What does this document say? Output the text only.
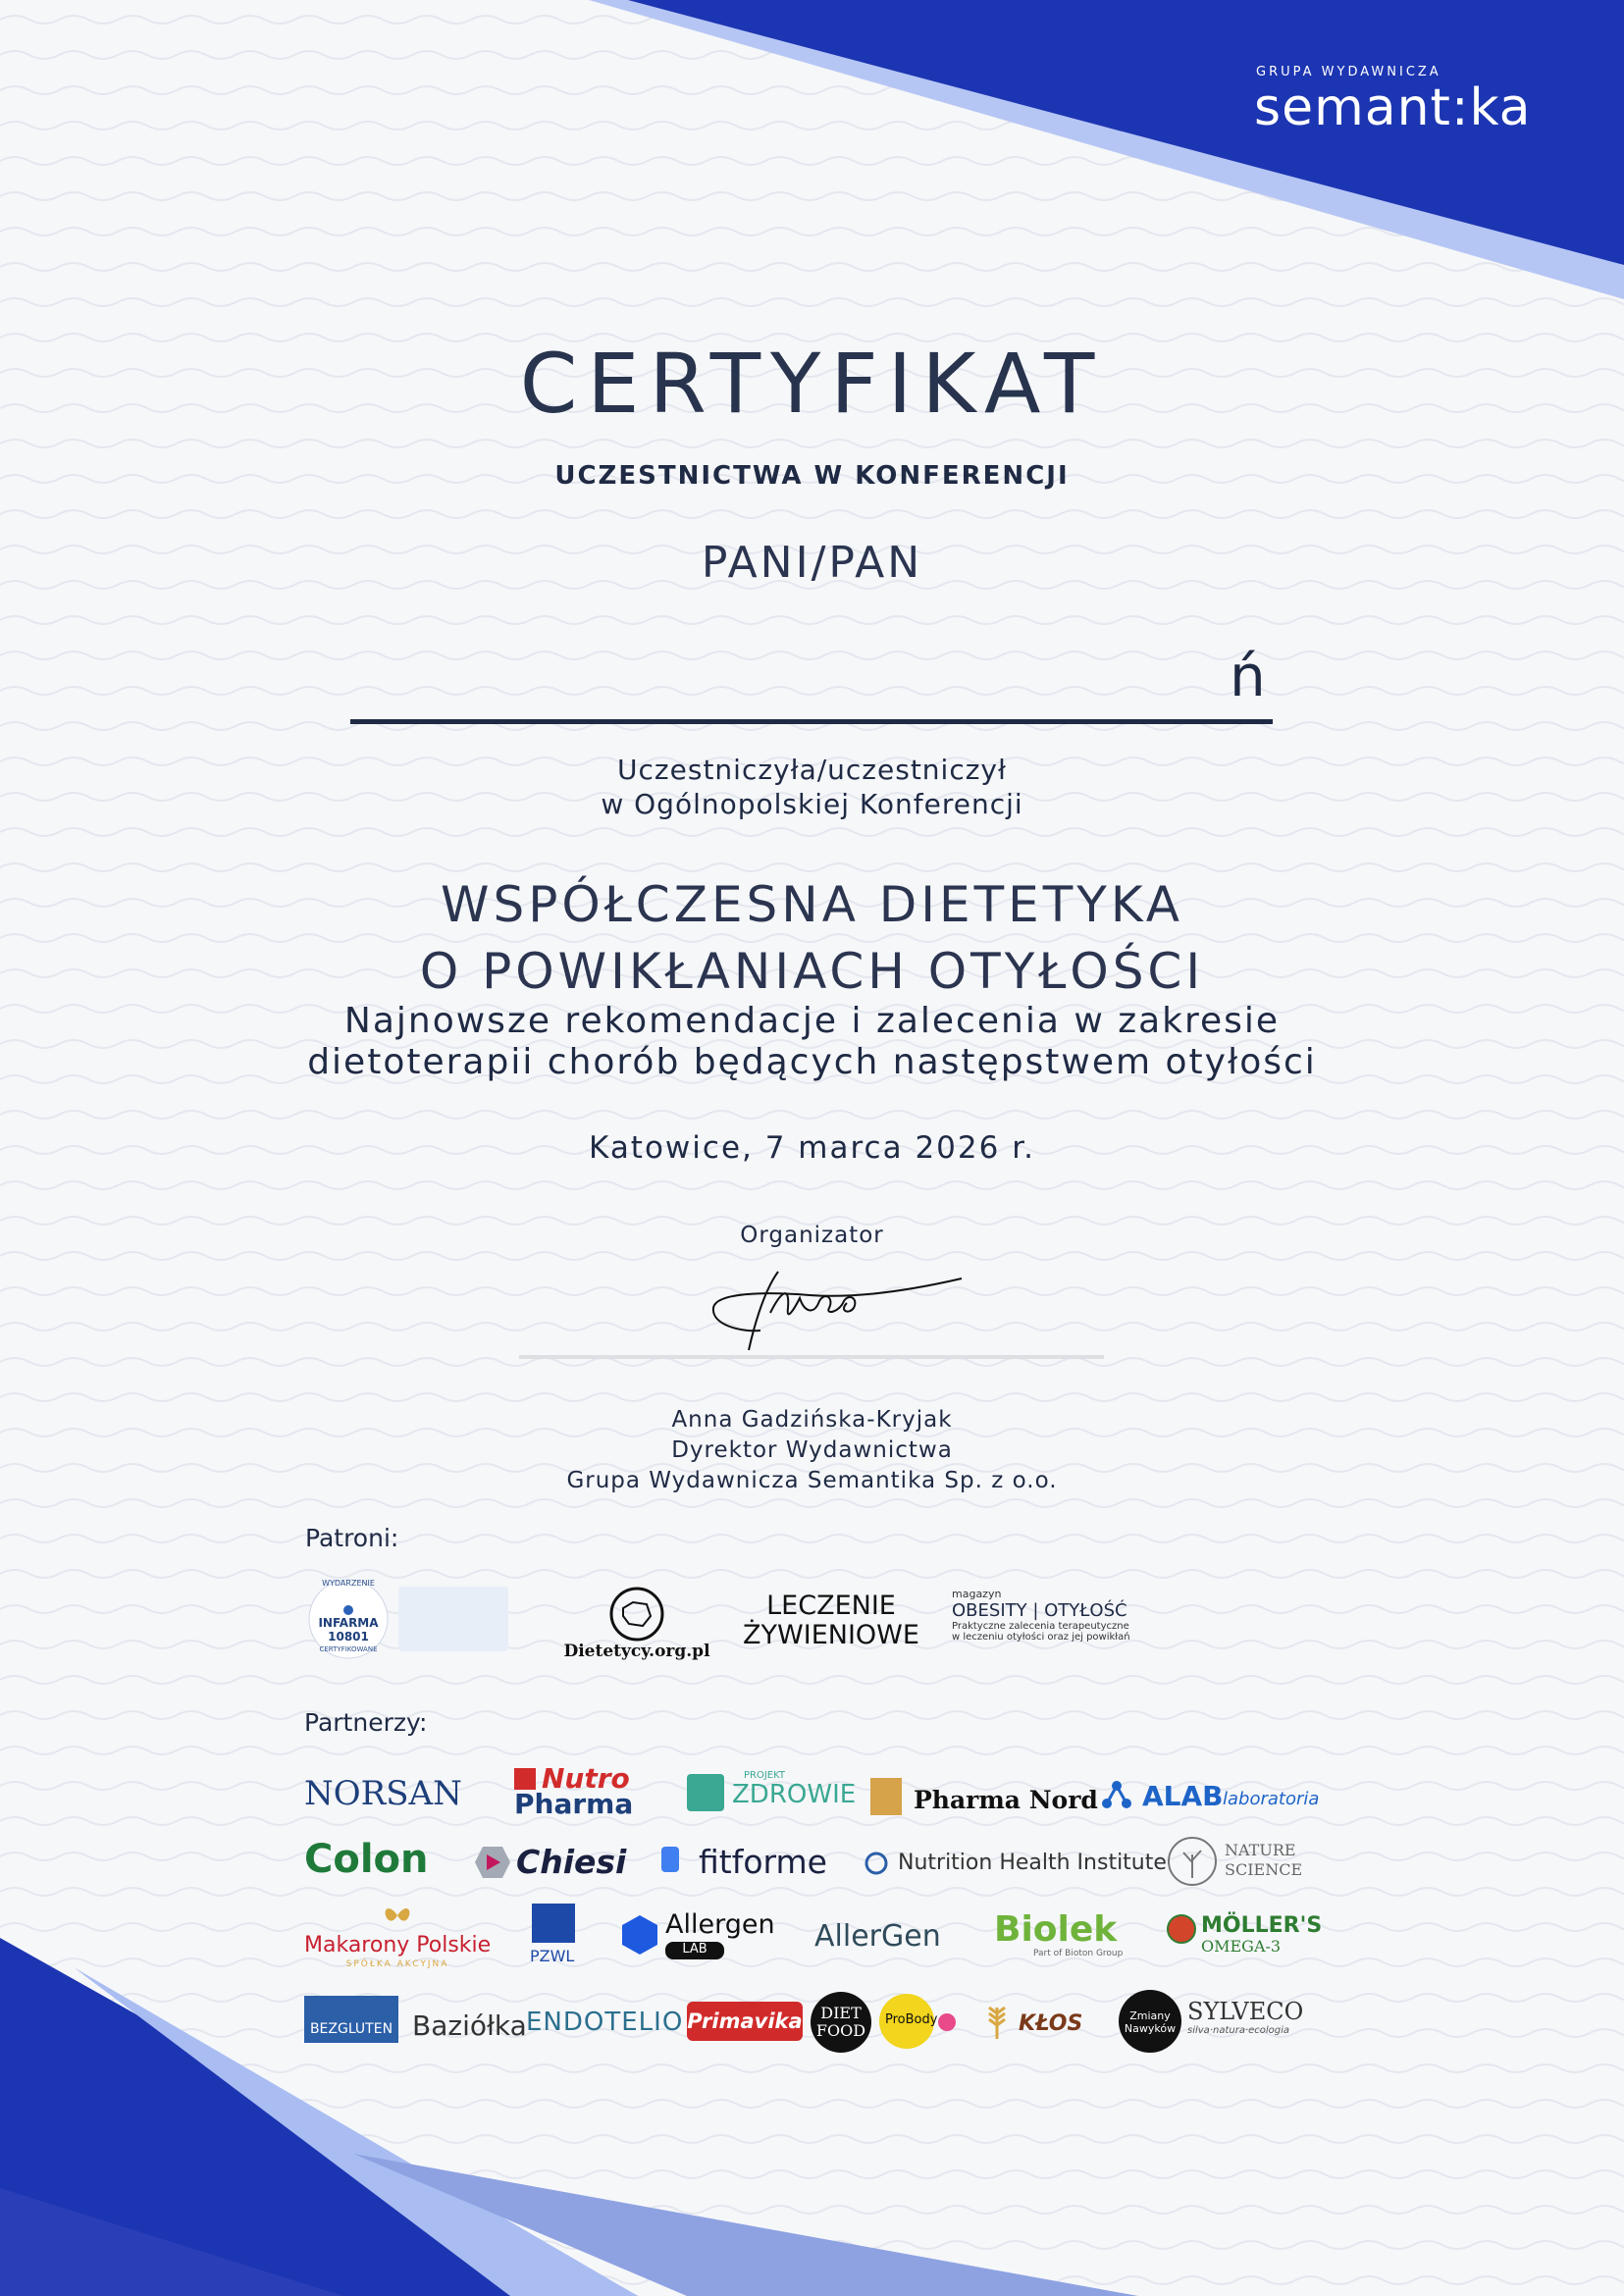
GRUPA WYDAWNICZA
semant:ka
CERTYFIKAT
UCZESTNICTWA W KONFERENCJI
PANI/PAN
ń
Uczestniczyła/uczestniczył
w Ogólnopolskiej Konferencji
WSPÓŁCZESNA DIETETYKA
O POWIKŁANIACH OTYŁOŚCI
Najnowsze rekomendacje i zalecenia w zakresie
dietoterapii chorób będących następstwem otyłości
Katowice, 7 marca 2026 r.
Organizator
Anna Gadzińska-Kryjak
Dyrektor Wydawnictwa
Grupa Wydawnicza Semantika Sp. z o.o.
Patroni:
WYDARZENIE
INFARMA
10801
CERTYFIKOWANE	Dietetycy.org.pl
LECZENIE
ŻYWIENIOWE
magazyn
OBESITY | OTYŁOŚĆ
Praktyczne zalecenia terapeutyczne
w leczeniu otyłości oraz jej powikłań
Partnerzy:
NORSAN	Nutro
Pharma
PROJEKT
ZDROWIE Pharma Nord ALAB laboratoria
Colon	Chiesi fitforme	Nutrition Health Institute
NATURE
SCIENCE
Makarony Polskie
SPÓŁKA AKCYJNA	PZWL
Allergen
LAB	AllerGen Biolek
Part of Bioton Group
MÖLLER'S
OMEGA-3
BEZGLUTEN Baziółka ENDOTELIO Primavika	DIET
FOOD
ProBody	KŁOS	Zmiany
Nawyków
SYLVECO
silva·natura·ecologia
